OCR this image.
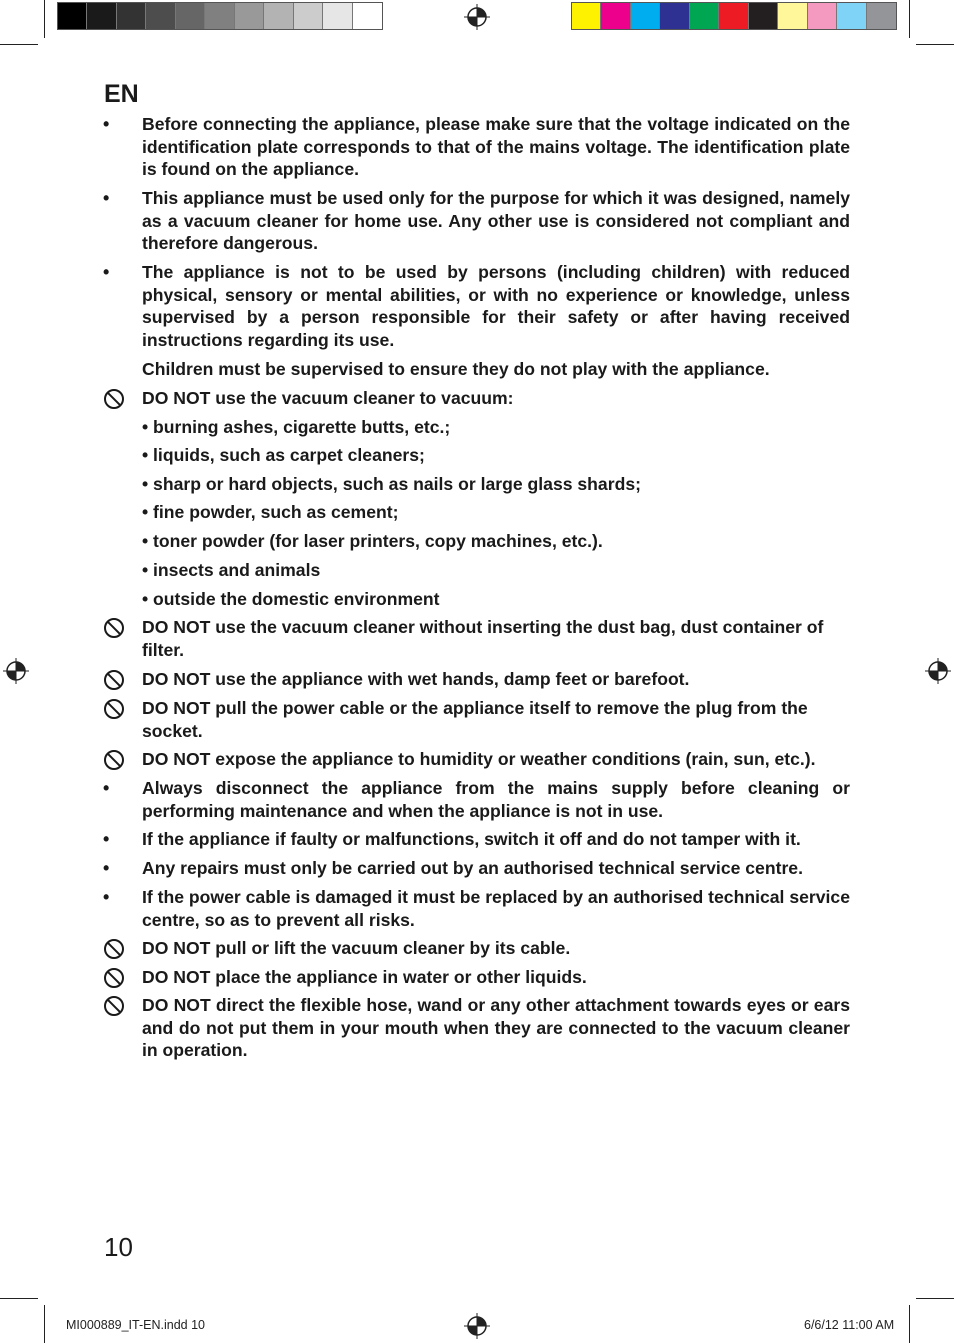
EN
• Before connecting the appliance, please make sure that the voltage indicated on the identification plate corresponds to that of the mains voltage. The identification plate is found on the appliance.
• This appliance must be used only for the purpose for which it was designed, namely as a vacuum cleaner for home use. Any other use is considered not compliant and therefore dangerous.
• The appliance is not to be used by persons (including children) with reduced physical, sensory or mental abilities, or with no experience or knowledge, unless supervised by a person responsible for their safety or after having received instructions regarding its use.
Children must be supervised to ensure they do not play with the appliance.
DO NOT use the vacuum cleaner to vacuum:
• burning ashes, cigarette butts, etc.;
• liquids, such as carpet cleaners;
• sharp or hard objects, such as nails or large glass shards;
• fine powder, such as cement;
• toner powder (for laser printers, copy machines, etc.).
• insects and animals
• outside the domestic environment
DO NOT use the vacuum cleaner without inserting the dust bag, dust container of filter.
DO NOT use the appliance with wet hands, damp feet or barefoot.
DO NOT pull the power cable or the appliance itself to remove the plug from the socket.
DO NOT expose the appliance to humidity or weather conditions (rain, sun, etc.).
• Always disconnect the appliance from the mains supply before cleaning or performing maintenance and when the appliance is not in use.
• If the appliance if faulty or malfunctions, switch it off and do not tamper with it.
• Any repairs must only be carried out by an authorised technical service centre.
• If the power cable is damaged it must be replaced by an authorised technical service centre, so as to prevent all risks.
DO NOT pull or lift the vacuum cleaner by its cable.
DO NOT place the appliance in water or other liquids.
DO NOT direct the flexible hose, wand or any other attachment towards eyes or ears and do not put them in your mouth when they are connected to the vacuum cleaner in operation.
10
MI000889_IT-EN.indd 10	6/6/12 11:00 AM
